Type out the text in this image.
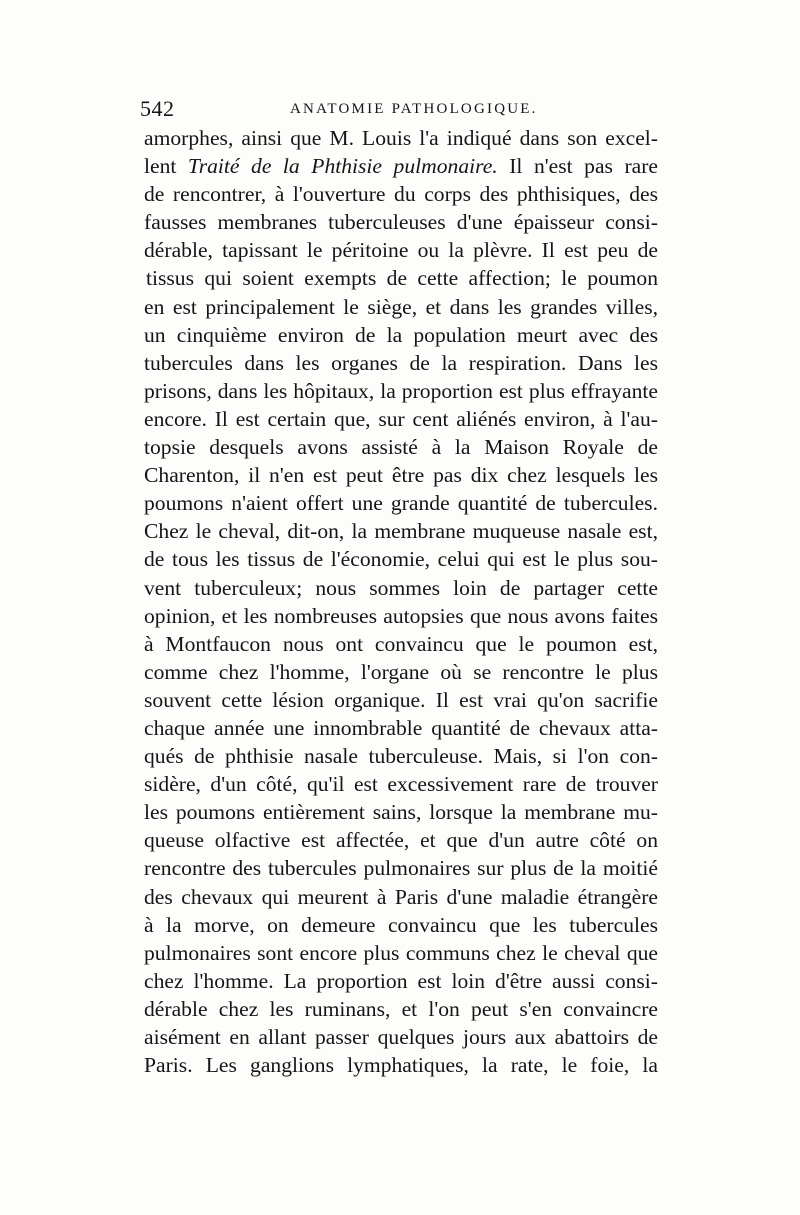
542	ANATOMIE PATHOLOGIQUE.
amorphes, ainsi que M. Louis l'a indiqué dans son excel-
lent Traité de la Phthisie pulmonaire. Il n'est pas rare
de rencontrer, à l'ouverture du corps des phthisiques, des
fausses membranes tuberculeuses d'une épaisseur consi-
dérable, tapissant le péritoine ou la plèvre. Il est peu de
tissus qui soient exempts de cette affection; le poumon
en est principalement le siège, et dans les grandes villes,
un cinquième environ de la population meurt avec des
tubercules dans les organes de la respiration. Dans les
prisons, dans les hôpitaux, la proportion est plus effrayante
encore. Il est certain que, sur cent aliénés environ, à l'au-
topsie desquels avons assisté à la Maison Royale de
Charenton, il n'en est peut être pas dix chez lesquels les
poumons n'aient offert une grande quantité de tubercules.
Chez le cheval, dit-on, la membrane muqueuse nasale est,
de tous les tissus de l'économie, celui qui est le plus sou-
vent tuberculeux; nous sommes loin de partager cette
opinion, et les nombreuses autopsies que nous avons faites
à Montfaucon nous ont convaincu que le poumon est,
comme chez l'homme, l'organe où se rencontre le plus
souvent cette lésion organique. Il est vrai qu'on sacrifie
chaque année une innombrable quantité de chevaux atta-
qués de phthisie nasale tuberculeuse. Mais, si l'on con-
sidère, d'un côté, qu'il est excessivement rare de trouver
les poumons entièrement sains, lorsque la membrane mu-
queuse olfactive est affectée, et que d'un autre côté on
rencontre des tubercules pulmonaires sur plus de la moitié
des chevaux qui meurent à Paris d'une maladie étrangère
à la morve, on demeure convaincu que les tubercules
pulmonaires sont encore plus communs chez le cheval que
chez l'homme. La proportion est loin d'être aussi consi-
dérable chez les ruminans, et l'on peut s'en convaincre
aisément en allant passer quelques jours aux abattoirs de
Paris. Les ganglions lymphatiques, la rate, le foie, la
